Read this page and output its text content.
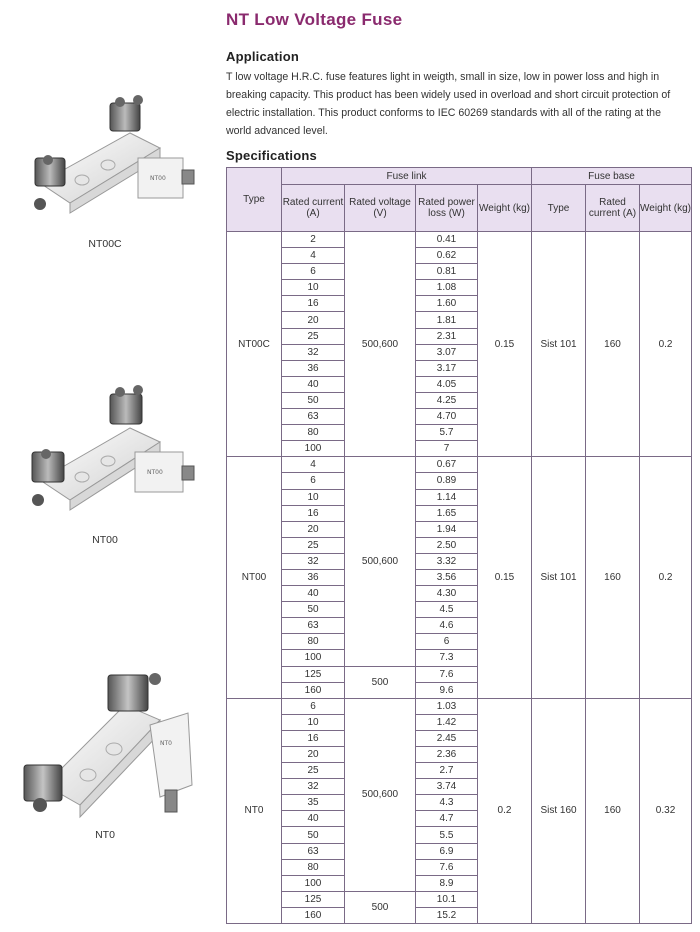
NT Low Voltage Fuse
Application
T low voltage H.R.C. fuse features light in weigth, small in size, low in power loss and high in breaking capacity. This product has been widely used in overload and short circuit protection of electric installation. This product conforms to IEC 60269 standards with all of the rating at the world advanced level.
Specifications
NT00
NT00C
NT00
NT00
NT0
NT0
Type	Fuse link				Fuse base		
	Rated current (A)	Rated voltage (V)	Rated power loss (W)	Weight (kg)	Type	Rated current (A)	Weight (kg)
NT00C	2	500,600	0.41	0.15	Sist 101	160	0.2
	4		0.62				
	6		0.81				
	10		1.08				
	16		1.60				
	20		1.81				
	25		2.31				
	32		3.07				
	36		3.17				
	40		4.05				
	50		4.25				
	63		4.70				
	80		5.7				
	100		7				
NT00	4	500,600	0.67	0.15	Sist 101	160	0.2
	6		0.89				
	10		1.14				
	16		1.65				
	20		1.94				
	25		2.50				
	32		3.32				
	36		3.56				
	40		4.30				
	50		4.5				
	63		4.6				
	80		6				
	100		7.3				
	125	500	7.6				
	160		9.6				
NT0	6	500,600	1.03	0.2	Sist 160	160	0.32
	10		1.42				
	16		2.45				
	20		2.36				
	25		2.7				
	32		3.74				
	35		4.3				
	40		4.7				
	50		5.5				
	63		6.9				
	80		7.6				
	100		8.9				
	125	500	10.1				
	160		15.2				
